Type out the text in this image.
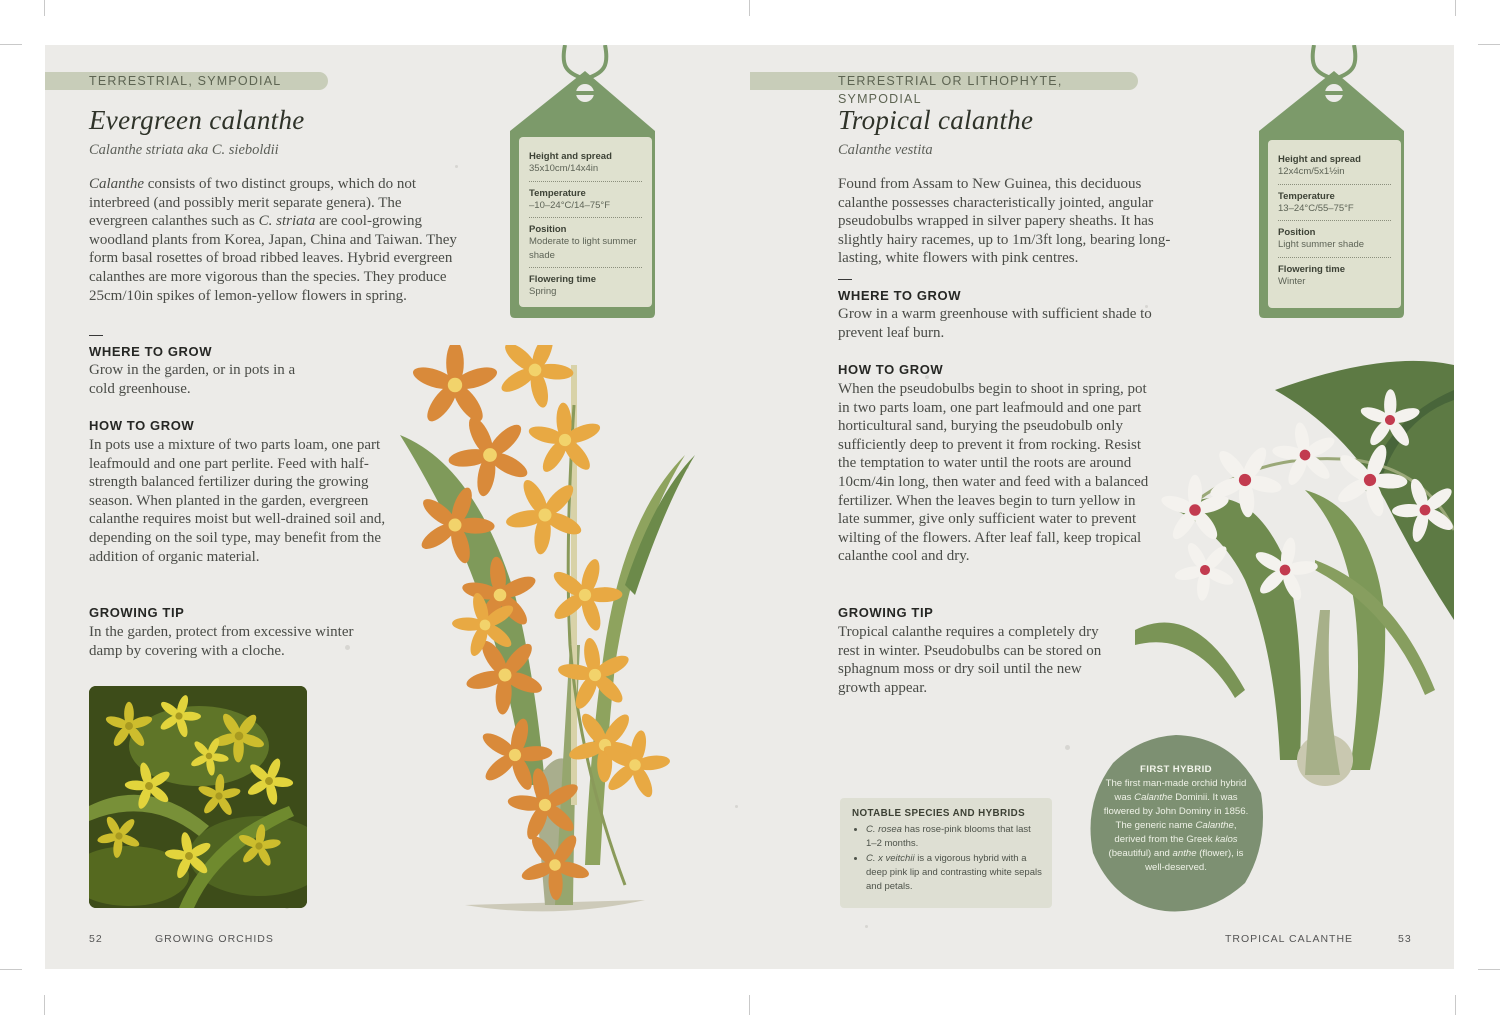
TERRESTRIAL, SYMPODIAL
Evergreen calanthe
Calanthe striata aka C. sieboldii
Calanthe consists of two distinct groups, which do not interbreed (and possibly merit separate genera). The evergreen calanthes such as C. striata are cool-growing woodland plants from Korea, Japan, China and Taiwan. They form basal rosettes of broad ribbed leaves. Hybrid evergreen calanthes are more vigorous than the species. They produce 25cm/10in spikes of lemon-yellow flowers in spring.
—
WHERE TO GROW
Grow in the garden, or in pots in a cold greenhouse.
HOW TO GROW
In pots use a mixture of two parts loam, one part leafmould and one part perlite. Feed with half-strength balanced fertilizer during the growing season. When planted in the garden, evergreen calanthe requires moist but well-drained soil and, depending on the soil type, may benefit from the addition of organic material.
GROWING TIP
In the garden, protect from excessive winter damp by covering with a cloche.
Height and spread
35x10cm/14x4in
Temperature
–10–24°C/14–75°F
Position
Moderate to light summer shade
Flowering time
Spring
52	GROWING ORCHIDS
TERRESTRIAL OR LITHOPHYTE, SYMPODIAL
Tropical calanthe
Calanthe vestita
Found from Assam to New Guinea, this deciduous calanthe possesses characteristically jointed, angular pseudobulbs wrapped in silver papery sheaths. It has slightly hairy racemes, up to 1m/3ft long, bearing long-lasting, white flowers with pink centres.
—
WHERE TO GROW
Grow in a warm greenhouse with sufficient shade to prevent leaf burn.
HOW TO GROW
When the pseudobulbs begin to shoot in spring, pot in two parts loam, one part leafmould and one part horticultural sand, burying the pseudobulb only sufficiently deep to prevent it from rocking. Resist the temptation to water until the roots are around 10cm/4in long, then water and feed with a balanced fertilizer. When the leaves begin to turn yellow in late summer, give only sufficient water to prevent wilting of the flowers. After leaf fall, keep tropical calanthe cool and dry.
GROWING TIP
Tropical calanthe requires a completely dry rest in winter. Pseudobulbs can be stored on sphagnum moss or dry soil until the new growth appear.
Height and spread
12x4cm/5x1½in
Temperature
13–24°C/55–75°F
Position
Light summer shade
Flowering time
Winter
NOTABLE SPECIES AND HYBRIDS
• C. rosea has rose-pink blooms that last 1–2 months.
• C. x veitchii is a vigorous hybrid with a deep pink lip and contrasting white sepals and petals.
FIRST HYBRID
The first man-made orchid hybrid was Calanthe Dominii. It was flowered by John Dominy in 1856. The generic name Calanthe, derived from the Greek kalos (beautiful) and anthe (flower), is well-deserved.
TROPICAL CALANTHE	53
